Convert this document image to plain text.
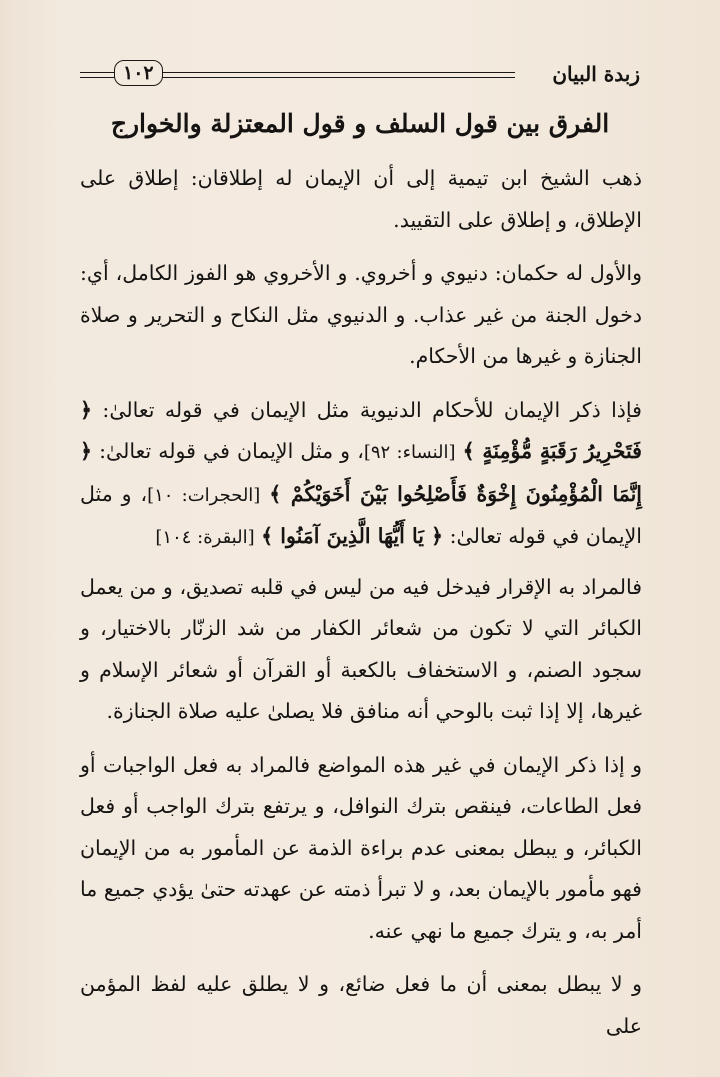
١٠٢	زبدة البيان
الفرق بين قول السلف و قول المعتزلة والخوارج

ذهب الشيخ ابن تيمية إلى أن الإيمان له إطلاقان: إطلاق على الإطلاق، و إطلاق على التقييد.

والأول له حكمان: دنيوي و أخروي. و الأخروي هو الفوز الكامل، أي: دخول الجنة من غير عذاب. و الدنيوي مثل النكاح و التحرير و صلاة الجنازة و غيرها من الأحكام.

فإذا ذكر الإيمان للأحكام الدنيوية مثل الإيمان في قوله تعالىٰ: ﴿ فَتَحْرِيرُ رَقَبَةٍ مُّؤْمِنَةٍ ﴾ [النساء: ٩٢]، و مثل الإيمان في قوله تعالىٰ: ﴿ إِنَّمَا الْمُؤْمِنُونَ إِخْوَةٌ فَأَصْلِحُوا بَيْنَ أَخَوَيْكُمْ ﴾ [الحجرات: ١٠]، و مثل الإيمان في قوله تعالىٰ: ﴿ يَا أَيُّهَا الَّذِينَ آمَنُوا ﴾ [البقرة: ١٠٤]

فالمراد به الإقرار فيدخل فيه من ليس في قلبه تصديق، و من يعمل الكبائر التي لا تكون من شعائر الكفار من شد الزنّار بالاختيار، و سجود الصنم، و الاستخفاف بالكعبة أو القرآن أو شعائر الإسلام و غيرها، إلا إذا ثبت بالوحي أنه منافق فلا يصلىٰ عليه صلاة الجنازة.

و إذا ذكر الإيمان في غير هذه المواضع فالمراد به فعل الواجبات أو فعل الطاعات، فينقص بترك النوافل، و يرتفع بترك الواجب أو فعل الكبائر، و يبطل بمعنى عدم براءة الذمة عن المأمور به من الإيمان فهو مأمور بالإيمان بعد، و لا تبرأ ذمته عن عهدته حتىٰ يؤدي جميع ما أمر به، و يترك جميع ما نهي عنه.

و لا يبطل بمعنى أن ما فعل ضائع، و لا يطلق عليه لفظ المؤمن على
